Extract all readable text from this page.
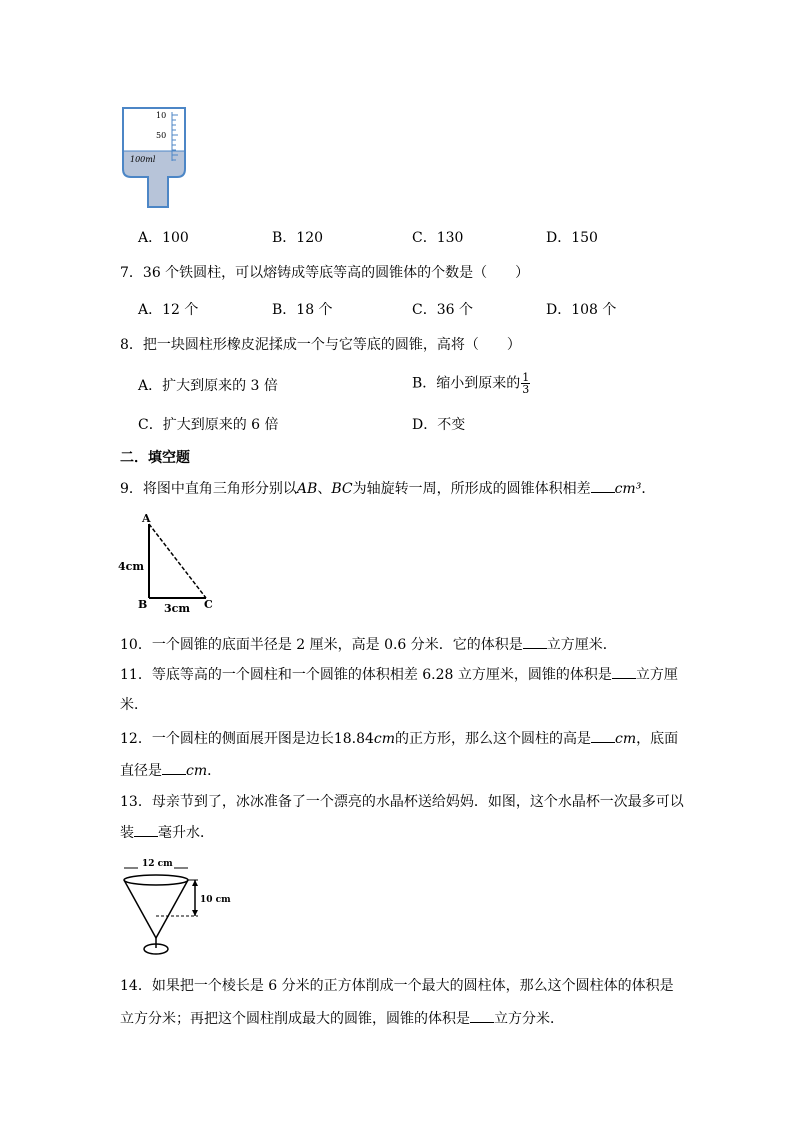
10
50
100ml
A．100	B．120	C．130	D．150
7．36 个铁圆柱，可以熔铸成等底等高的圆锥体的个数是（　　）
A．12 个	B．18 个	C．36 个	D．108 个
8．把一块圆柱形橡皮泥揉成一个与它等底的圆锥，高将（　　）
A．扩大到原来的 3 倍	B．缩小到原来的 $\frac{1}{3}$
C．扩大到原来的 6 倍	D．不变
二．填空题
9．将图中直角三角形分别以AB、BC为轴旋转一周，所形成的圆锥体积相差 cm³．
A
B	C
4cm
3cm
10．一个圆锥的底面半径是 2 厘米，高是 0.6 分米．它的体积是 立方厘米．
11．等底等高的一个圆柱和一个圆锥的体积相差 6.28 立方厘米，圆锥的体积是 立方厘
米．
12．一个圆柱的侧面展开图是边长18.84cm的正方形，那么这个圆柱的高是 cm，底面
直径是 cm．
13．母亲节到了，冰冰准备了一个漂亮的水晶杯送给妈妈．如图，这个水晶杯一次最多可以
装 毫升水．
12 cm
10 cm
14．如果把一个棱长是 6 分米的正方体削成一个最大的圆柱体，那么这个圆柱体的体积是
立方分米；再把这个圆柱削成最大的圆锥，圆锥的体积是 立方分米．
